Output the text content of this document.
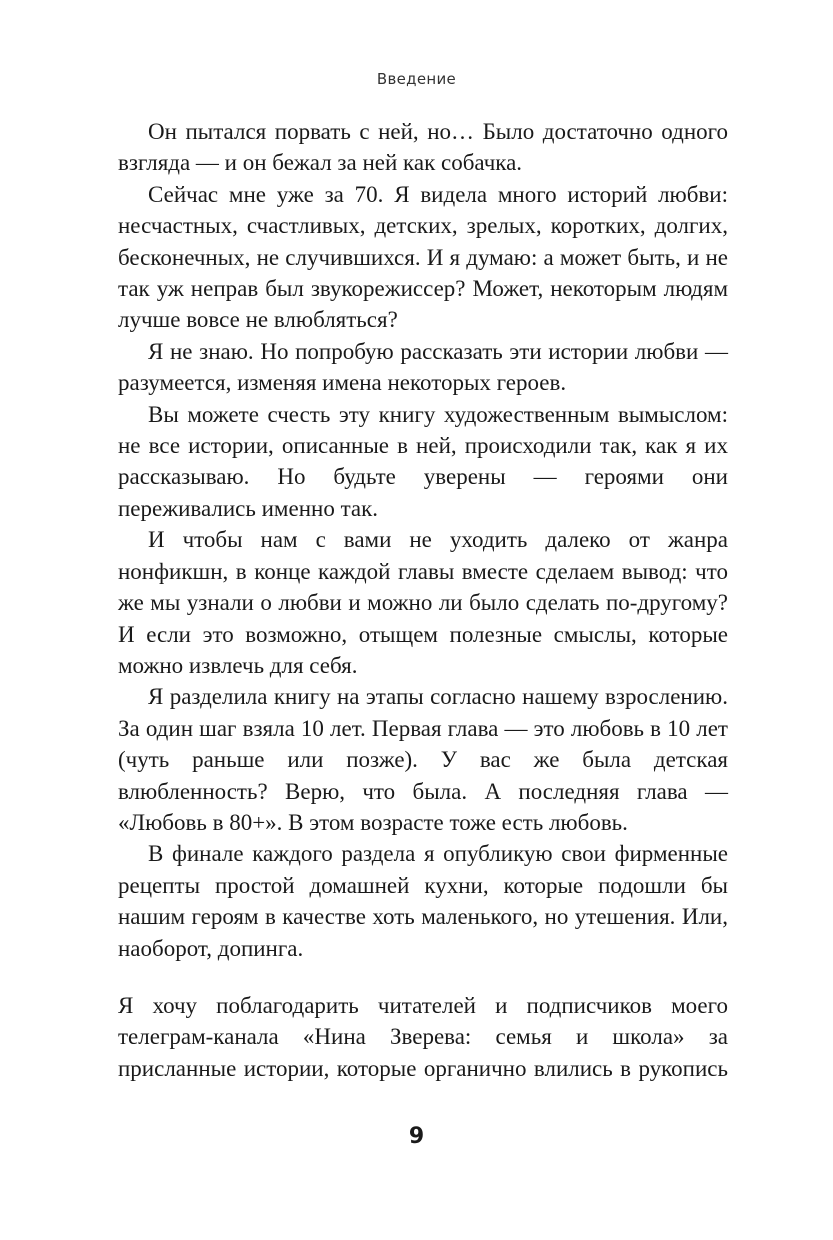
Введение

Он пытался порвать с ней, но… Было достаточно одного взгляда — и он бежал за ней как собачка.

Сейчас мне уже за 70. Я видела много историй любви: несчастных, счастливых, детских, зрелых, коротких, долгих, бесконечных, не случившихся. И я думаю: а может быть, и не так уж неправ был звукорежиссер? Может, некоторым людям лучше вовсе не влюбляться?

Я не знаю. Но попробую рассказать эти истории любви — разумеется, изменяя имена некоторых героев.

Вы можете счесть эту книгу художественным вымыслом: не все истории, описанные в ней, происходили так, как я их рассказываю. Но будьте уверены — героями они переживались именно так.

И чтобы нам с вами не уходить далеко от жанра нонфикшн, в конце каждой главы вместе сделаем вывод: что же мы узнали о любви и можно ли было сделать по-другому? И если это возможно, отыщем полезные смыслы, которые можно извлечь для себя.

Я разделила книгу на этапы согласно нашему взрослению. За один шаг взяла 10 лет. Первая глава — это любовь в 10 лет (чуть раньше или позже). У вас же была детская влюбленность? Верю, что была. А последняя глава — «Любовь в 80+». В этом возрасте тоже есть любовь.

В финале каждого раздела я опубликую свои фирменные рецепты простой домашней кухни, которые подошли бы нашим героям в качестве хоть маленького, но утешения. Или, наоборот, допинга.

Я хочу поблагодарить читателей и подписчиков моего телеграм-канала «Нина Зверева: семья и школа» за присланные истории, которые органично влились в рукопись

9
